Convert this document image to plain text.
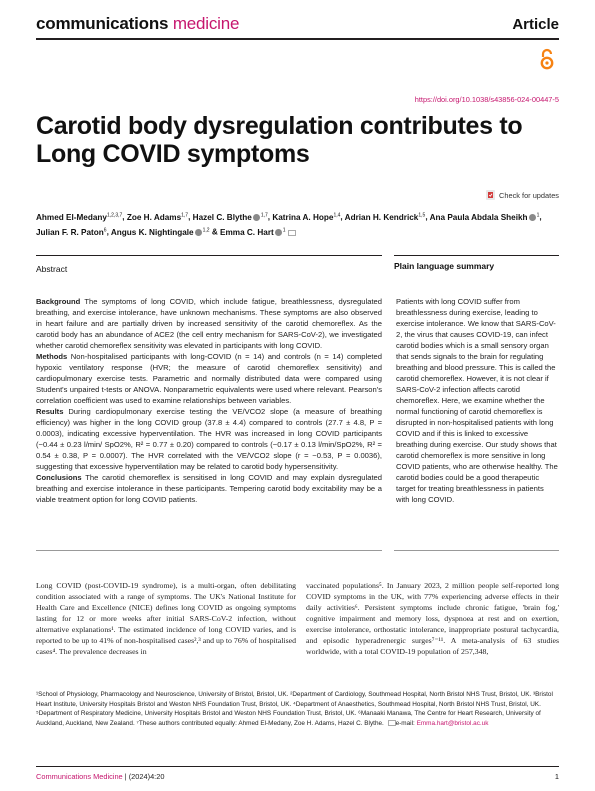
communications medicine	Article
https://doi.org/10.1038/s43856-024-00447-5
Carotid body dysregulation contributes to Long COVID symptoms
Check for updates
Ahmed El-Medany$^{1,2,3,7}$, Zoe H. Adams$^{1,7}$, Hazel C. Blythe $^{1,7}$, Katrina A. Hope$^{1,4}$, Adrian H. Kendrick$^{1,5}$, Ana Paula Abdala Sheikh $^1$, Julian F. R. Paton$^6$, Angus K. Nightingale $^{1,2}$ & Emma C. Hart $^1$
Abstract

Background The symptoms of long COVID, which include fatigue, breathlessness, dysregulated breathing, and exercise intolerance, have unknown mechanisms. These symptoms are also observed in heart failure and are partially driven by increased sensitivity of the carotid chemoreflex. As the carotid body has an abundance of ACE2 (the cell entry mechanism for SARS-CoV-2), we investigated whether carotid chemoreflex sensitivity was elevated in participants with long COVID.

Methods Non-hospitalised participants with long-COVID (n = 14) and controls (n = 14) completed hypoxic ventilatory response (HVR; the measure of carotid chemoreflex sensitivity) and cardiopulmonary exercise tests. Parametric and normally distributed data were compared using Student's unpaired t-tests or ANOVA. Nonparametric equivalents were used where relevant. Pearson's correlation coefficient was used to examine relationships between variables.

Results During cardiopulmonary exercise testing the VE/VCO2 slope (a measure of breathing efficiency) was higher in the long COVID group (37.8 ± 4.4) compared to controls (27.7 ± 4.8, P = 0.0003), indicating excessive hyperventilation. The HVR was increased in long COVID participants (−0.44 ± 0.23 l/min/ SpO2%, R² = 0.77 ± 0.20) compared to controls (−0.17 ± 0.13 l/min/SpO2%, R² = 0.54 ± 0.38, P = 0.0007). The HVR correlated with the VE/VCO2 slope (r = −0.53, P = 0.0036), suggesting that excessive hyperventilation may be related to carotid body hypersensitivity.

Conclusions The carotid chemoreflex is sensitised in long COVID and may explain dysregulated breathing and exercise intolerance in these participants. Tempering carotid body excitability may be a viable treatment option for long COVID patients.

Plain language summary
Patients with long COVID suffer from breathlessness during exercise, leading to exercise intolerance. We know that SARS-CoV-2, the virus that causes COVID-19, can infect carotid bodies which is a small sensory organ that sends signals to the brain for regulating breathing and blood pressure. This is called the carotid chemoreflex. However, it is not clear if SARS-CoV-2 infection affects carotid chemoreflex. Here, we examine whether the normal functioning of carotid chemoreflex is disrupted in non-hospitalised patients with long COVID and if this is linked to excessive breathing during exercise. Our study shows that carotid chemoreflex is more sensitive in long COVID patients, who are otherwise healthy. The carotid bodies could be a good therapeutic target for treating breathlessness in patients with long COVID.
Long COVID (post-COVID-19 syndrome), is a multi-organ, often debilitating condition associated with a range of symptoms. The UK's National Institute for Health Care and Excellence (NICE) defines long COVID as ongoing symptoms lasting for 12 or more weeks after initial SARS-CoV-2 infection, without alternative explanations¹. The estimated incidence of long COVID varies, and is reported to be up to 41% of non-hospitalised cases²,³ and up to 76% of hospitalised cases⁴. The prevalence decreases in
vaccinated populations⁵. In January 2023, 2 million people self-reported long COVID symptoms in the UK, with 77% experiencing adverse effects in their daily activities⁶. Persistent symptoms include chronic fatigue, 'brain fog,' cognitive impairment and memory loss, dyspnoea at rest and on exertion, exercise intolerance, orthostatic intolerance, inappropriate postural tachycardia, and episodic hyperadrenergic surges⁷⁻¹¹. A meta-analysis of 63 studies worldwide, with a total COVID-19 population of 257,348,
¹School of Physiology, Pharmacology and Neuroscience, University of Bristol, Bristol, UK. ²Department of Cardiology, Southmead Hospital, North Bristol NHS Trust, Bristol, UK. ³Bristol Heart Institute, University Hospitals Bristol and Weston NHS Foundation Trust, Bristol, UK. ⁴Department of Anaesthetics, Southmead Hospital, North Bristol NHS Trust, Bristol, UK. ⁵Department of Respiratory Medicine, University Hospitals Bristol and Weston NHS Foundation Trust, Bristol, UK. ⁶Manaaki Manawa, The Centre for Heart Research, University of Auckland, Auckland, New Zealand. ⁷These authors contributed equally: Ahmed El-Medany, Zoe H. Adams, Hazel C. Blythe. e-mail: Emma.hart@bristol.ac.uk
Communications Medicine | (2024)4:20	1
